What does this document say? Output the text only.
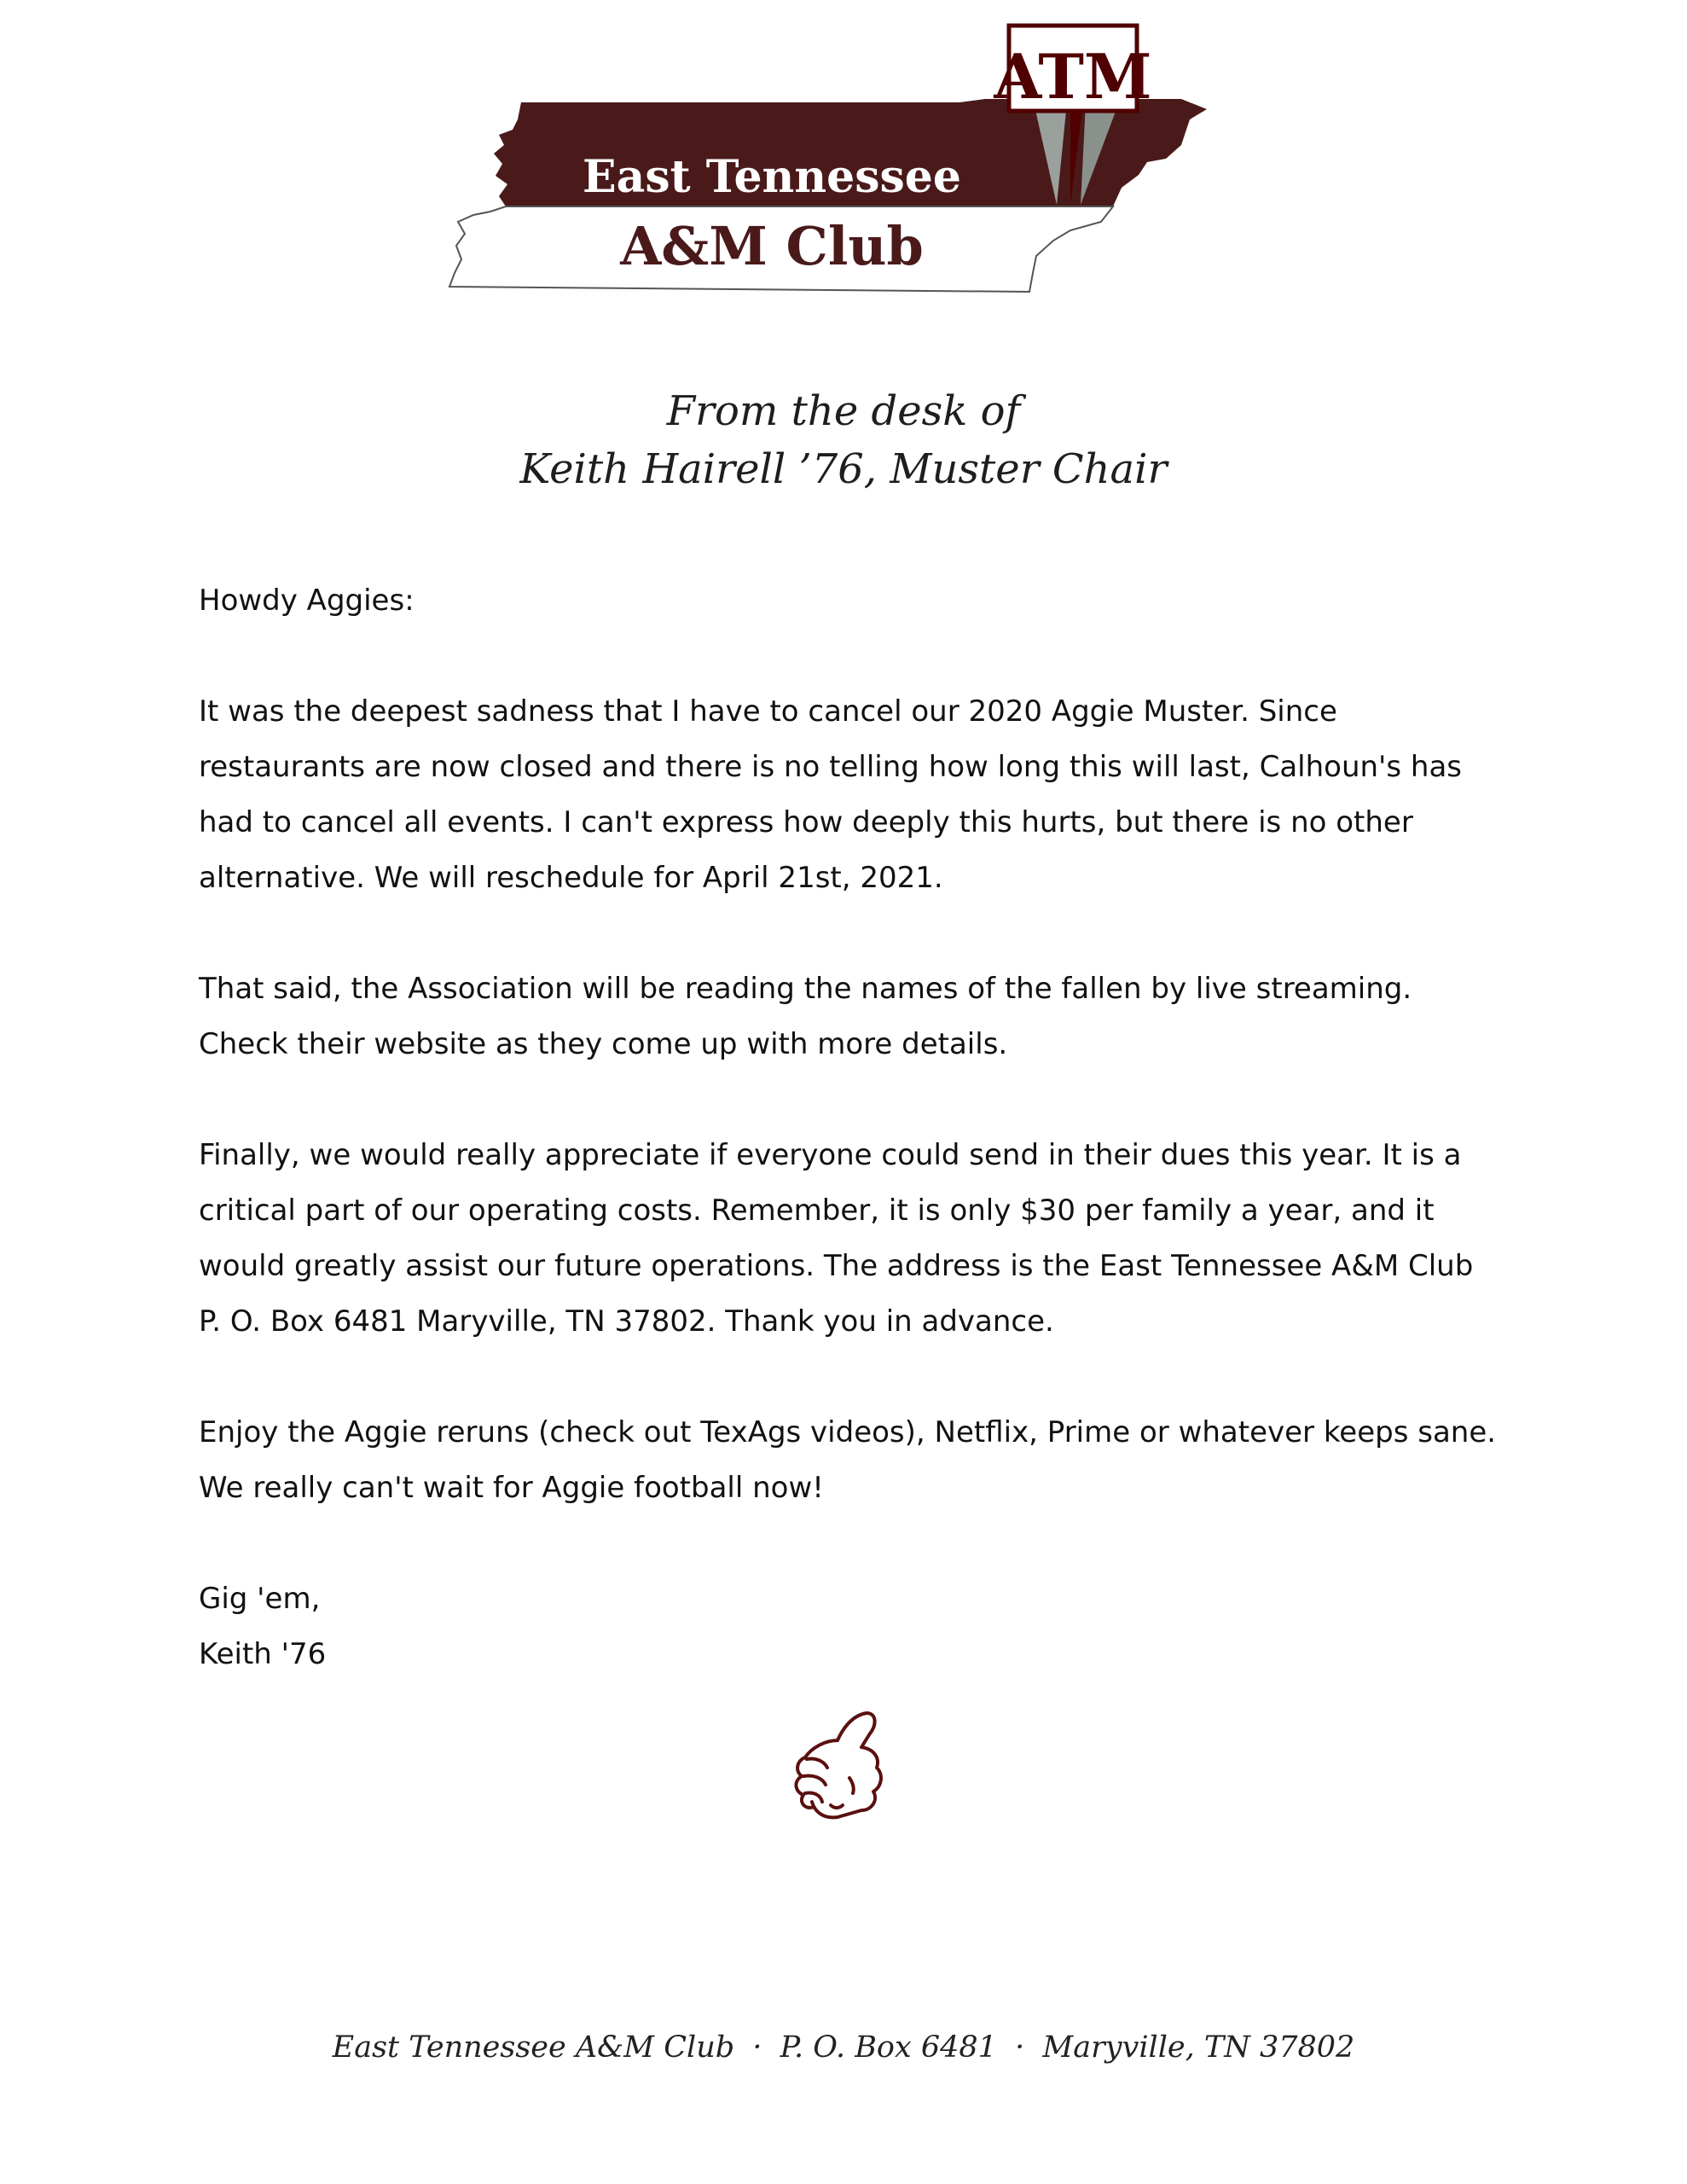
ATM
East Tennessee
A&M Club
From the desk of
Keith Hairell ’76, Muster Chair

Howdy Aggies:

It was the deepest sadness that I have to cancel our 2020 Aggie Muster. Since restaurants are now closed and there is no telling how long this will last, Calhoun's has had to cancel all events. I can't express how deeply this hurts, but there is no other alternative. We will reschedule for April 21st, 2021.

That said, the Association will be reading the names of the fallen by live streaming. Check their website as they come up with more details.

Finally, we would really appreciate if everyone could send in their dues this year. It is a critical part of our operating costs. Remember, it is only $30 per family a year, and it would greatly assist our future operations. The address is the East Tennessee A&M Club P. O. Box 6481 Maryville, TN 37802. Thank you in advance.

Enjoy the Aggie reruns (check out TexAgs videos), Netflix, Prime or whatever keeps sane. We really can't wait for Aggie football now!

Gig 'em,

Keith '76

East Tennessee A&M Club · P. O. Box 6481 · Maryville, TN 37802
